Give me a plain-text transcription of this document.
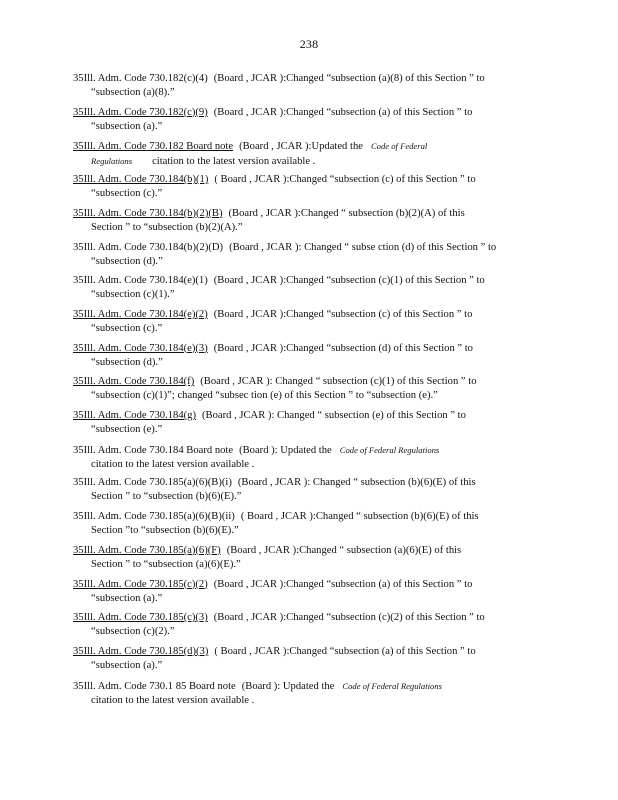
238
35Ill. Adm. Code 730.182(c)(4) (Board , JCAR ):Changed “subsection (a)(8) of this Section ” to
“subsection (a)(8).”
35Ill. Adm. Code 730.182(c)(9) (Board , JCAR ):Changed “subsection (a) of this Section ” to
“subsection (a).”
35Ill. Adm. Code 730.182 Board note (Board , JCAR ):Updated the Code of Federal
Regulations citation to the latest version available .
35Ill. Adm. Code 730.184(b)(1) ( Board , JCAR ):Changed “subsection (c) of this Section ” to
“subsection (c).”
35Ill. Adm. Code 730.184(b)(2)(B) (Board , JCAR ):Changed “ subsection (b)(2)(A) of this
Section ” to “subsection (b)(2)(A).”
35Ill. Adm. Code 730.184(b)(2)(D) (Board , JCAR ): Changed “ subse ction (d) of this Section ” to
“subsection (d).”
35Ill. Adm. Code 730.184(e)(1) (Board , JCAR ):Changed “subsection (c)(1) of this Section ” to
“subsection (c)(1).”
35Ill. Adm. Code 730.184(e)(2) (Board , JCAR ):Changed “subsection (c) of this Section ” to
“subsection (c).”
35Ill. Adm. Code 730.184(e)(3) (Board , JCAR ):Changed “subsection (d) of this Section ” to
“subsection (d).”
35Ill. Adm. Code 730.184(f) (Board , JCAR ): Changed “ subsection (c)(1) of this Section ” to
“subsection (c)(1)”; changed “subsec tion (e) of this Section ” to “subsection (e).”
35Ill. Adm. Code 730.184(g) (Board , JCAR ): Changed “ subsection (e) of this Section ” to
“subsection (e).”
35Ill. Adm. Code 730.184 Board note (Board ): Updated the Code of Federal Regulations
citation to the latest version available .
35Ill. Adm. Code 730.185(a)(6)(B)(i) (Board , JCAR ): Changed “ subsection (b)(6)(E) of this
Section ” to “subsection (b)(6)(E).”
35Ill. Adm. Code 730.185(a)(6)(B)(ii) ( Board , JCAR ):Changed “ subsection (b)(6)(E) of this
Section ”to “subsection (b)(6)(E).”
35Ill. Adm. Code 730.185(a)(6)(F) (Board , JCAR ):Changed “ subsection (a)(6)(E) of this
Section ” to “subsection (a)(6)(E).”
35Ill. Adm. Code 730.185(c)(2) (Board , JCAR ):Changed “subsection (a) of this Section ” to
“subsection (a).”
35Ill. Adm. Code 730.185(c)(3) (Board , JCAR ):Changed “subsection (c)(2) of this Section ” to
“subsection (c)(2).”
35Ill. Adm. Code 730.185(d)(3) ( Board , JCAR ):Changed “subsection (a) of this Section ” to
“subsection (a).”
35Ill. Adm. Code 730.1 85 Board note (Board ): Updated the Code of Federal Regulations
citation to the latest version available .
